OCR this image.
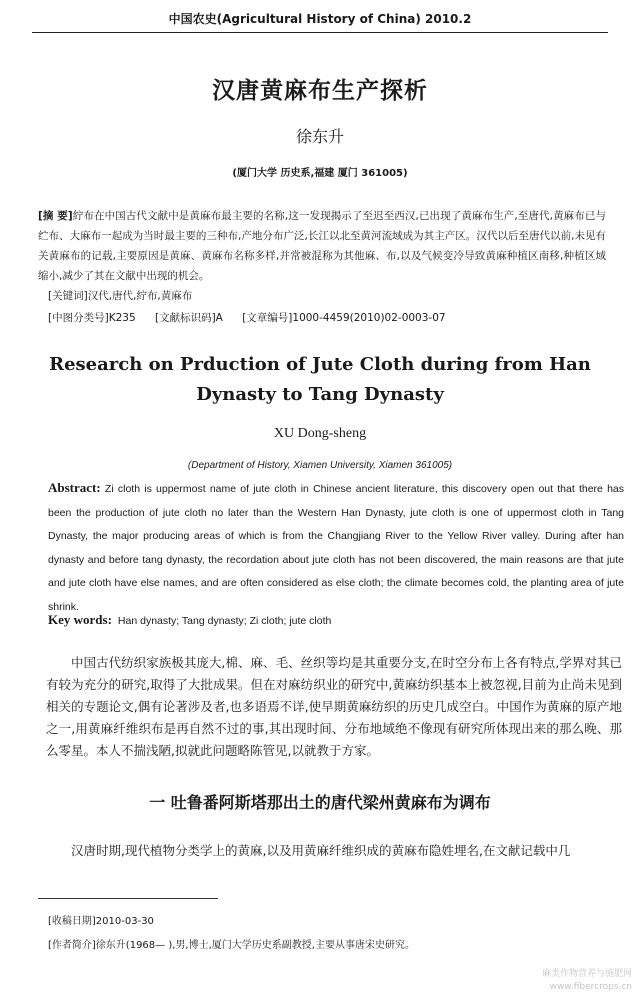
中国农史(Agricultural History of China) 2010.2
汉唐黄麻布生产探析
徐东升
(厦门大学 历史系,福建 厦门 361005)
[摘 要]紵布在中国古代文献中是黄麻布最主要的名称,这一发现揭示了至迟至西汉,已出现了黄麻布生产,至唐代,黄麻布已与纻布、大麻布一起成为当时最主要的三种布,产地分布广泛,长江以北至黄河流域成为其主产区。汉代以后至唐代以前,未见有关黄麻布的记载,主要原因是黄麻、黄麻布名称多样,并常被混称为其他麻、布,以及气候变冷导致黄麻种植区南移,种植区域缩小,减少了其在文献中出现的机会。
[关键词]汉代,唐代,紵布,黄麻布
[中图分类号]K235 [文献标识码]A [文章编号]1000-4459(2010)02-0003-07
Research on Prduction of Jute Cloth during from Han Dynasty to Tang Dynasty
XU Dong-sheng
(Department of History, Xiamen University, Xiamen 361005)
Abstract: Zi cloth is uppermost name of jute cloth in Chinese ancient literature, this discovery open out that there has been the production of jute cloth no later than the Western Han Dynasty, jute cloth is one of uppermost cloth in Tang Dynasty, the major producing areas of which is from the Changjiang River to the Yellow River valley. During after han dynasty and before tang dynasty, the recordation about jute cloth has not been discovered, the main reasons are that jute and jute cloth have else names, and are often considered as else cloth; the climate becomes cold, the planting area of jute shrink.
Key words: Han dynasty; Tang dynasty; Zi cloth; jute cloth

中国古代纺织家族极其庞大,棉、麻、毛、丝织等均是其重要分支,在时空分布上各有特点,学界对其已有较为充分的研究,取得了大批成果。但在对麻纺织业的研究中,黄麻纺织基本上被忽视,目前为止尚未见到相关的专题论文,偶有论著涉及者,也多语焉不详,使早期黄麻纺织的历史几成空白。中国作为黄麻的原产地之一,用黄麻纤维织布是再自然不过的事,其出现时间、分布地域绝不像现有研究所体现出来的那么晚、那么零星。本人不揣浅陋,拟就此问题略陈管见,以就教于方家。

一 吐鲁番阿斯塔那出土的唐代梁州黄麻布为调布

汉唐时期,现代植物分类学上的黄麻,以及用黄麻纤维织成的黄麻布隐姓埋名,在文献记载中几

[收稿日期]2010-03-30
[作者简介]徐东升(1968— ),男,博士,厦门大学历史系副教授,主要从事唐宋史研究。
麻类作物营养与施肥网
www.fibercrops.cn
